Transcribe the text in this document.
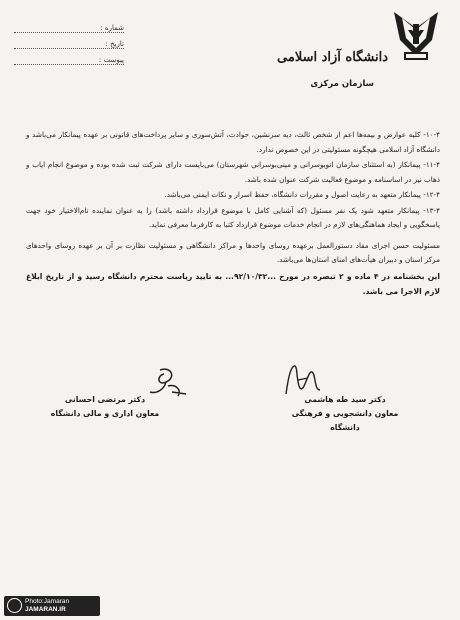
دانشگاه آزاد اسلامی
سازمان مرکزی
شماره :
تاریخ :
پیوست :

۱۰-۴- کلیه عوارض و بیمه‌ها اعم از شخص ثالث، دیه سرنشین، حوادث، آتش‌سوزی و سایر پرداخت‌های قانونی بر عهده پیمانکار می‌باشد و دانشگاه آزاد اسلامی هیچگونه مسئولیتی در این خصوص ندارد.

۱۱-۴- پیمانکار (به استثنای سازمان اتوبوسرانی و مینی‌بوسرانی شهرستان) می‌بایست دارای شرکت ثبت شده بوده و موضوع انجام ایاب و ذهاب نیز در اساسنامه و موضوع فعالیت شرکت عنوان شده باشد.

۱۲-۴- پیمانکار متعهد به رعایت اصول و مقررات دانشگاه، حفظ اسرار و نکات ایمنی می‌باشد.

۱۳-۴- پیمانکار متعهد شود یک نفر مسئول (که آشنایی کامل با موضوع قرارداد داشته باشد) را به عنوان نماینده تام‌الاختیار خود جهت پاسخگویی و ایجاد هماهنگی‌های لازم در انجام خدمات موضوع قرارداد کتبا به کارفرما معرفی نماید.

مسئولیت حسن اجرای مفاد دستورالعمل برعهده روسای واحدها و مراکز دانشگاهی و مسئولیت نظارت بر آن بر عهده روسای واحدهای مرکز استان و دبیران هیأت‌های امنای استان‌ها می‌باشد.

این بخشنامه در ۴ ماده و ۲ تبصره در مورخ ...۹۲/۱۰/۳۲... به تایید ریاست محترم دانشگاه رسید و از تاریخ ابلاغ لازم الاجرا می باشد.

دکتر سید طه هاشمی
معاون دانشجویی و فرهنگی دانشگاه
دکتر مرتضی احسانی
معاون اداری و مالی دانشگاه
Photo:Jamaran
JAMARAN.IR
